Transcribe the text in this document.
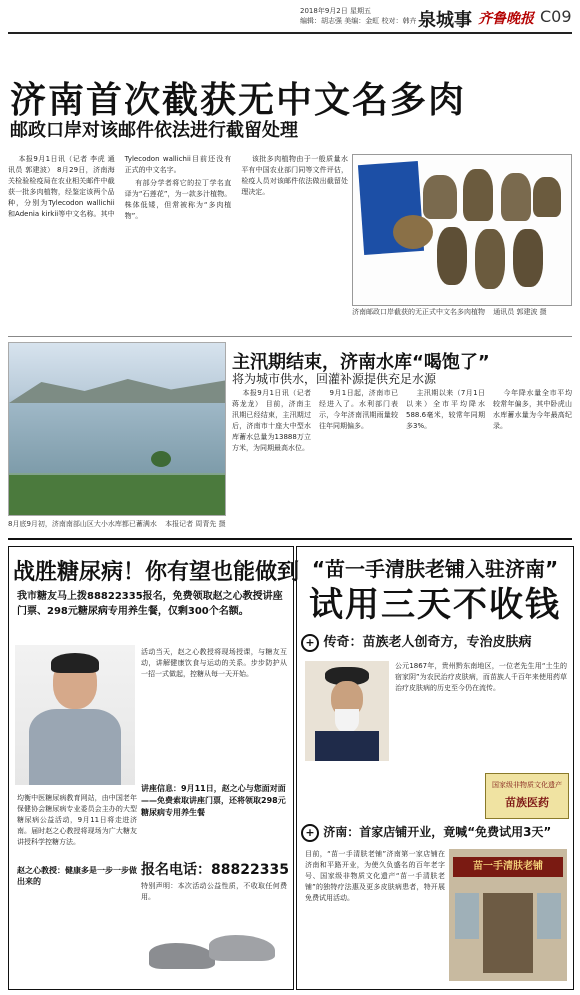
2018年9月2日 星期五
编辑：胡志强 美编：金虹 校对：韩卉 泉城事 齐鲁晚报 C09
济南首次截获无中文名多肉
邮政口岸对该邮件依法进行截留处理

本报9月1日讯（记者 李虎 通讯员 郭建波） 8月29日，济南海关检验检疫局在农业相关邮件中截获一批多肉植物，经鉴定该两个品种，分别为Tylecodon wallichii和Adenia kirkii等中文名称。其中Tylecodon wallichii目前还没有正式的中文名字。

有部分学者将它的拉丁学名直译为“石莲花”，为一款多汁植物。株体低矮，但常被称为“多肉植物”。

该批多肉植物由于一般质量水平有中国农业部门同等文件评估，检疫人员对该邮件依法做出截留处理决定。

济南邮政口岸截获的无正式中文名多肉植物 通讯员 郭建波 摄
8月底9月初，济南南部山区大小水库都已蓄满水 本报记者 周青先 摄
主汛期结束，济南水库“喝饱了”
将为城市供水，回灌补源提供充足水源

本报9月1日讯（记者 蒋龙龙） 目前，济南主汛期已经结束，主汛期过后，济南市十座大中型水库蓄水总量为13888万立方米，为同期最高水位。

9月1日起，济南市已经进入了。水利部门表示，今年济南汛期雨量较往年同期偏多。

主汛期以来（7月1日以来）全市平均降水588.6毫米，较常年同期多3%。

今年降水量全市平均较常年偏多，其中卧虎山水库蓄水量为今年最高纪录。

战胜糖尿病！你有望也能做到
我市糖友马上拨88822335报名，免费领取赵之心教授讲座门票、298元糖尿病专用养生餐，仅剩300个名额。
活动当天，赵之心教授将现场授课，与糖友互动，讲解健康饮食与运动的关系。步步防护从一招一式做起，控糖从每一天开始。
均衡中医糖尿病教育网站，由中国老年保健协会糖尿病专业委员会主办的大型糖尿病公益活动，9月11日将走进济南。届时赵之心教授将现场为广大糖友讲授科学控糖方法。
赵之心教授：健康多是一步一步做出来的
讲座信息：9月11日，赵之心与您面对面——免费索取讲座门票，还将领取298元糖尿病专用养生餐
报名电话：88822335
特别声明：本次活动公益性质，不收取任何费用。
“苗一手清肤老铺入驻济南”
试用三天不收钱
+ 传奇：苗族老人创奇方，专治皮肤病
公元1867年，贵州黔东南地区，一位老先生用“土生的宿家阴”为农民治疗皮肤病，而苗族人千百年来使用药草治疗皮肤病的历史至今仍在流传。
国家级非物质文化遗产
苗族医药
+ 济南：首家店铺开业，竟喊“免费试用3天”
目前，“苗一手清肤老铺”济南第一家店铺在济南和平路开业，为使久负盛名的百年老字号、国家级非物质文化遗产“苗一手清肤老铺”的独特疗法惠及更多皮肤病患者，特开展免费试用活动。
苗一手清肤老铺
